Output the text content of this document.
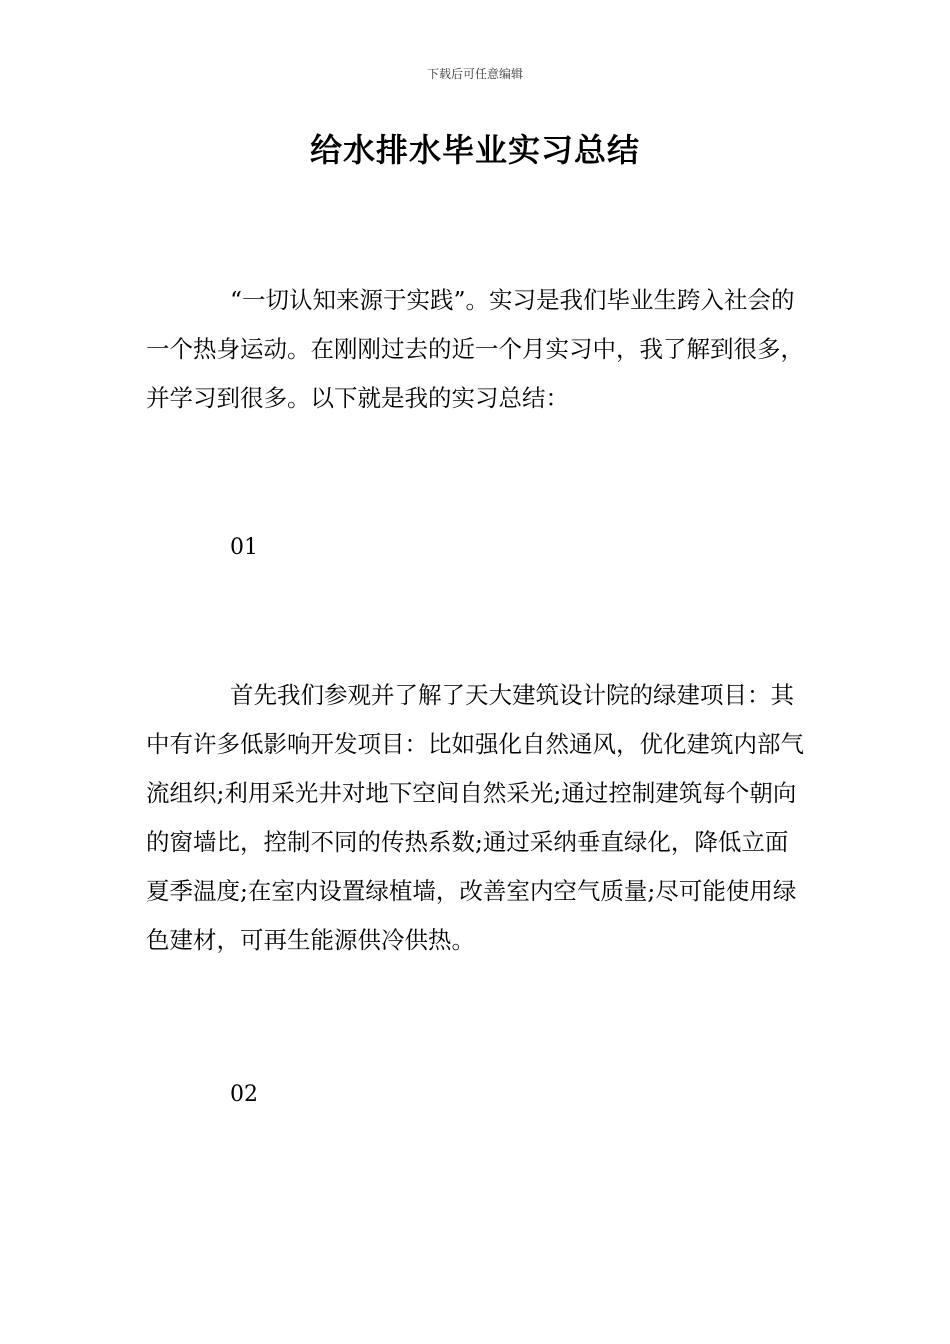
下载后可任意编辑
给水排水毕业实习总结

“一切认知来源于实践”。实习是我们毕业生跨入社会的一个热身运动。在刚刚过去的近一个月实习中，我了解到很多，并学习到很多。以下就是我的实习总结：

01

首先我们参观并了解了天大建筑设计院的绿建项目：其中有许多低影响开发项目：比如强化自然通风，优化建筑内部气流组织;利用采光井对地下空间自然采光;通过控制建筑每个朝向的窗墙比，控制不同的传热系数;通过采纳垂直绿化，降低立面夏季温度;在室内设置绿植墙，改善室内空气质量;尽可能使用绿色建材，可再生能源供冷供热。

02
